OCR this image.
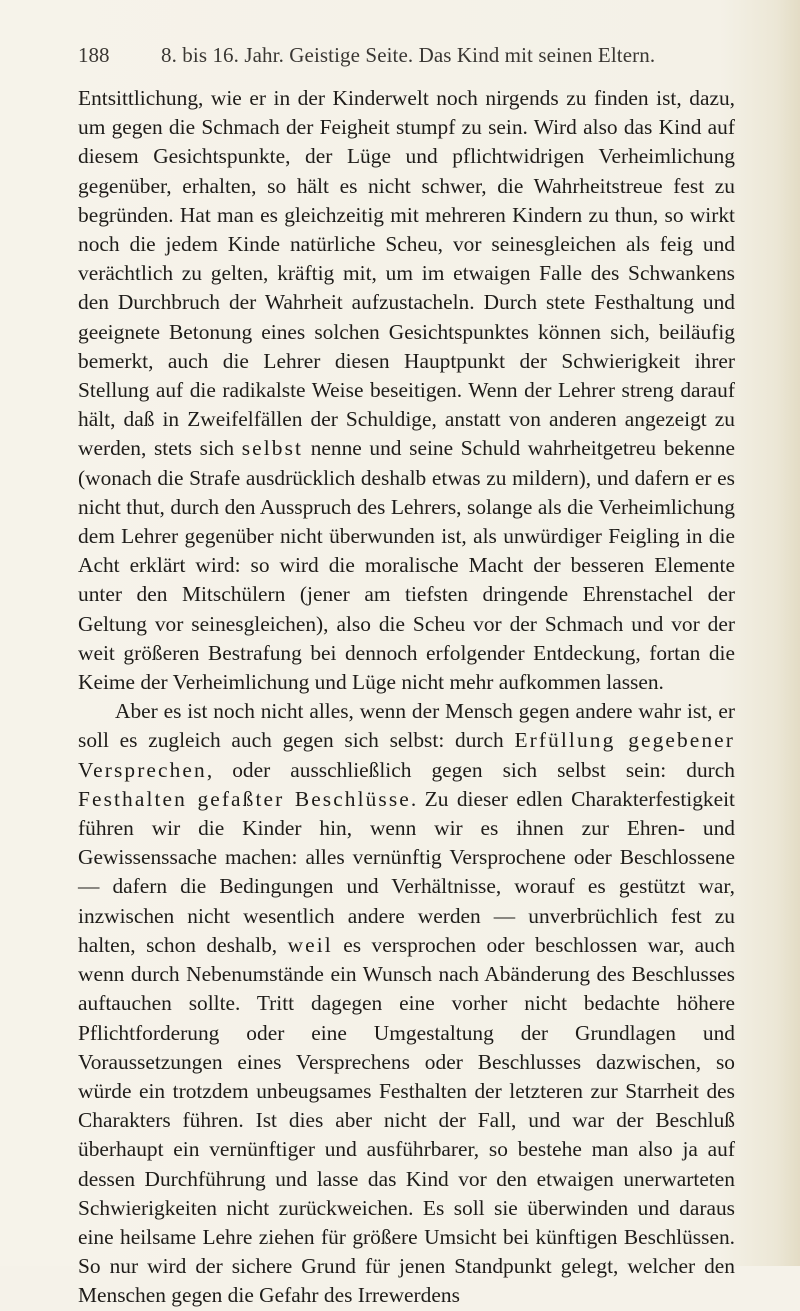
188 8. bis 16. Jahr. Geistige Seite. Das Kind mit seinen Eltern.

Entsittlichung, wie er in der Kinderwelt noch nirgends zu finden ist, dazu, um gegen die Schmach der Feigheit stumpf zu sein. Wird also das Kind auf diesem Gesichtspunkte, der Lüge und pflichtwidrigen Verheimlichung gegenüber, erhalten, so hält es nicht schwer, die Wahrheitstreue fest zu begründen. Hat man es gleichzeitig mit mehreren Kindern zu thun, so wirkt noch die jedem Kinde natürliche Scheu, vor seinesgleichen als feig und verächtlich zu gelten, kräftig mit, um im etwaigen Falle des Schwankens den Durchbruch der Wahrheit aufzustacheln. Durch stete Festhaltung und geeignete Betonung eines solchen Gesichtspunktes können sich, beiläufig bemerkt, auch die Lehrer diesen Hauptpunkt der Schwierigkeit ihrer Stellung auf die radikalste Weise beseitigen. Wenn der Lehrer streng darauf hält, daß in Zweifelfällen der Schuldige, anstatt von anderen angezeigt zu werden, stets sich selbst nenne und seine Schuld wahrheitgetreu bekenne (wonach die Strafe ausdrücklich deshalb etwas zu mildern), und dafern er es nicht thut, durch den Ausspruch des Lehrers, solange als die Verheimlichung dem Lehrer gegenüber nicht überwunden ist, als unwürdiger Feigling in die Acht erklärt wird: so wird die moralische Macht der besseren Elemente unter den Mitschülern (jener am tiefsten dringende Ehrenstachel der Geltung vor seinesgleichen), also die Scheu vor der Schmach und vor der weit größeren Bestrafung bei dennoch erfolgender Entdeckung, fortan die Keime der Verheimlichung und Lüge nicht mehr aufkommen lassen.

Aber es ist noch nicht alles, wenn der Mensch gegen andere wahr ist, er soll es zugleich auch gegen sich selbst: durch Erfüllung gegebener Versprechen, oder ausschließlich gegen sich selbst sein: durch Festhalten gefaßter Beschlüsse. Zu dieser edlen Charakterfestigkeit führen wir die Kinder hin, wenn wir es ihnen zur Ehren- und Gewissenssache machen: alles vernünftig Versprochene oder Beschlossene — dafern die Bedingungen und Verhältnisse, worauf es gestützt war, inzwischen nicht wesentlich andere werden — unverbrüchlich fest zu halten, schon deshalb, weil es versprochen oder beschlossen war, auch wenn durch Nebenumstände ein Wunsch nach Abänderung des Beschlusses auftauchen sollte. Tritt dagegen eine vorher nicht bedachte höhere Pflichtforderung oder eine Umgestaltung der Grundlagen und Voraussetzungen eines Versprechens oder Beschlusses dazwischen, so würde ein trotzdem unbeugsames Festhalten der letzteren zur Starrheit des Charakters führen. Ist dies aber nicht der Fall, und war der Beschluß überhaupt ein vernünftiger und ausführbarer, so bestehe man also ja auf dessen Durchführung und lasse das Kind vor den etwaigen unerwarteten Schwierigkeiten nicht zurückweichen. Es soll sie überwinden und daraus eine heilsame Lehre ziehen für größere Umsicht bei künftigen Beschlüssen. So nur wird der sichere Grund für jenen Standpunkt gelegt, welcher den Menschen gegen die Gefahr des Irrewerdens
